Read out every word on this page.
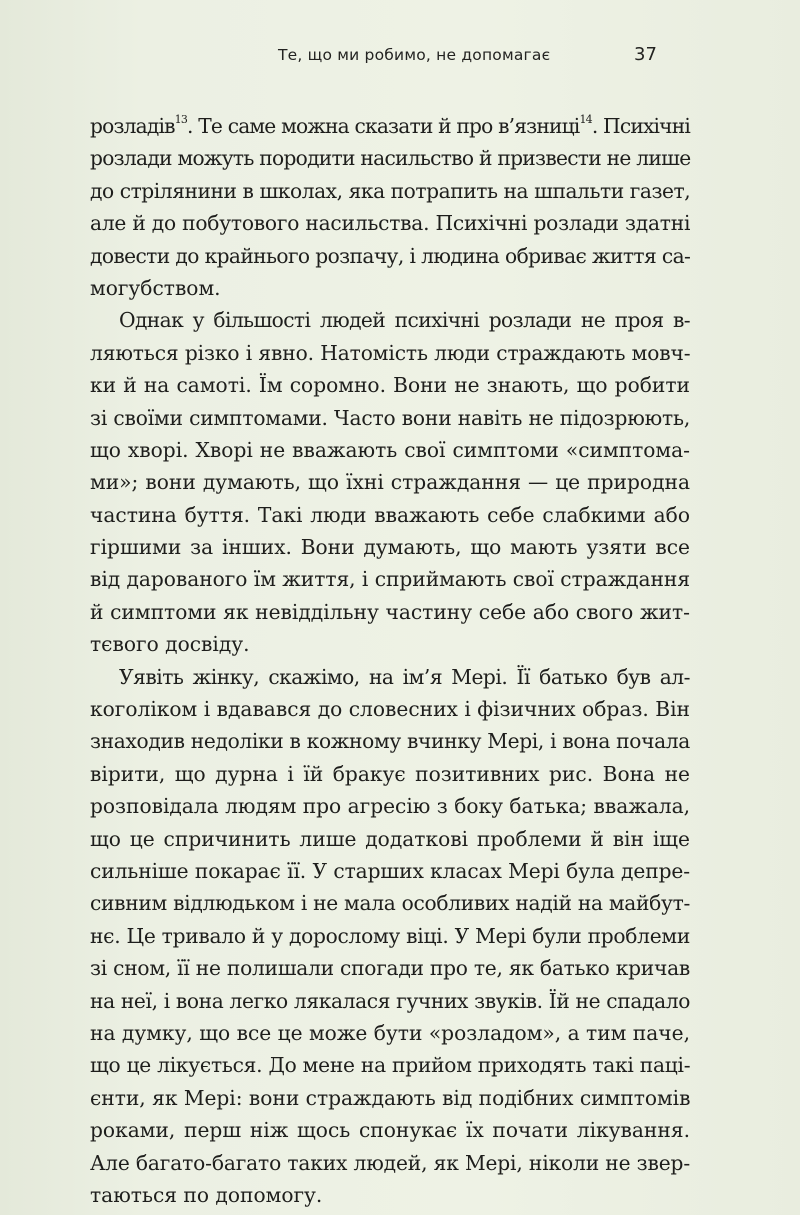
Те, що ми робимо, не допомагає	37
розладів$^{13}$. Те саме можна сказати й про в’язниці$^{14}$. Психічні
розлади можуть породити насильство й призвести не лише
до стрілянини в школах, яка потрапить на шпальти газет,
але й до побутового насильства. Психічні розлади здатні
довести до крайнього розпачу, і людина обриває життя са-
могубством.
Однак у більшості людей психічні розлади не проя в-
ляються різко і явно. Натомість люди страждають мовч-
ки й на самоті. Їм соромно. Вони не знають, що робити
зі своїми симптомами. Часто вони навіть не підозрюють,
що хворі. Хворі не вважають свої симптоми «симптома-
ми»; вони думають, що їхні страждання — це природна
частина буття. Такі люди вважають себе слабкими або
гіршими за інших. Вони думають, що мають узяти все
від дарованого їм життя, і сприймають свої страждання
й симптоми як невіддільну частину себе або свого жит-
тєвого досвіду.
Уявіть жінку, скажімо, на ім’я Мері. Її батько був ал-
коголіком і вдавався до словесних і фізичних образ. Він
знаходив недоліки в кожному вчинку Мері, і вона почала
вірити, що дурна і їй бракує позитивних рис. Вона не
розповідала людям про агресію з боку батька; вважала,
що це спричинить лише додаткові проблеми й він іще
сильніше покарає її. У старших класах Мері була депре-
сивним відлюдьком і не мала особливих надій на майбут-
нє. Це тривало й у дорослому віці. У Мері були проблеми
зі сном, її не полишали спогади про те, як батько кричав
на неї, і вона легко лякалася гучних звуків. Їй не спадало
на думку, що все це може бути «розладом», а тим паче,
що це лікується. До мене на прийом приходять такі паці-
єнти, як Мері: вони страждають від подібних симптомів
роками, перш ніж щось спонукає їх почати лікування.
Але багато-багато таких людей, як Мері, ніколи не звер-
таються по допомогу.
